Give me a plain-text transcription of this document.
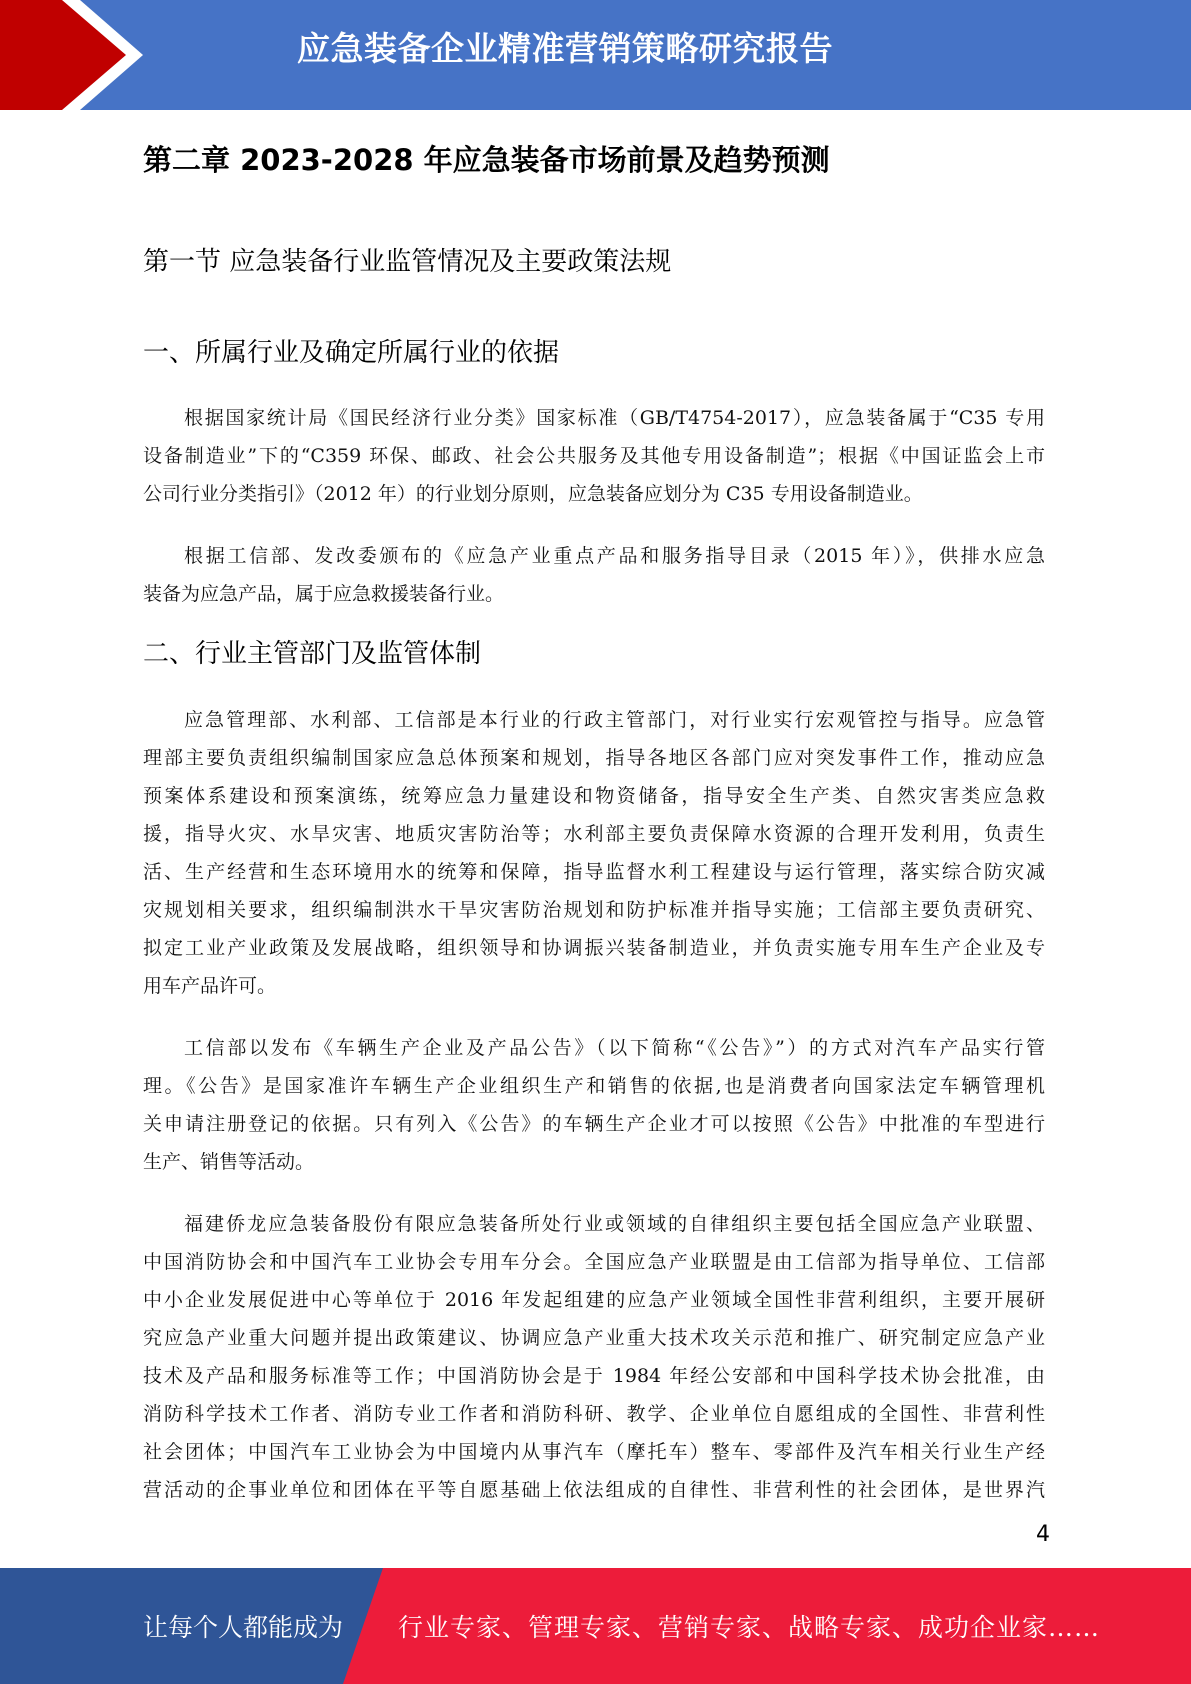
应急装备企业精准营销策略研究报告
第二章 2023-2028 年应急装备市场前景及趋势预测
第一节 应急装备行业监管情况及主要政策法规
一、所属行业及确定所属行业的依据
根据国家统计局《国民经济行业分类》国家标准（GB/T4754-2017），应急装备属于“C35 专用
设备制造业”下的“C359 环保、邮政、社会公共服务及其他专用设备制造”；根据《中国证监会上市
公司行业分类指引》（2012 年）的行业划分原则，应急装备应划分为 C35 专用设备制造业。
根据工信部、发改委颁布的《应急产业重点产品和服务指导目录（2015 年）》，供排水应急
装备为应急产品，属于应急救援装备行业。
二、行业主管部门及监管体制
应急管理部、水利部、工信部是本行业的行政主管部门，对行业实行宏观管控与指导。应急管
理部主要负责组织编制国家应急总体预案和规划，指导各地区各部门应对突发事件工作，推动应急
预案体系建设和预案演练，统筹应急力量建设和物资储备，指导安全生产类、自然灾害类应急救
援，指导火灾、水旱灾害、地质灾害防治等；水利部主要负责保障水资源的合理开发利用，负责生
活、生产经营和生态环境用水的统筹和保障，指导监督水利工程建设与运行管理，落实综合防灾减
灾规划相关要求，组织编制洪水干旱灾害防治规划和防护标准并指导实施；工信部主要负责研究、
拟定工业产业政策及发展战略，组织领导和协调振兴装备制造业，并负责实施专用车生产企业及专
用车产品许可。
工信部以发布《车辆生产企业及产品公告》（以下简称“《公告》”）的方式对汽车产品实行管
理。《公告》是国家准许车辆生产企业组织生产和销售的依据,也是消费者向国家法定车辆管理机
关申请注册登记的依据。只有列入《公告》的车辆生产企业才可以按照《公告》中批准的车型进行
生产、销售等活动。
福建侨龙应急装备股份有限应急装备所处行业或领域的自律组织主要包括全国应急产业联盟、
中国消防协会和中国汽车工业协会专用车分会。全国应急产业联盟是由工信部为指导单位、工信部
中小企业发展促进中心等单位于 2016 年发起组建的应急产业领域全国性非营利组织，主要开展研
究应急产业重大问题并提出政策建议、协调应急产业重大技术攻关示范和推广、研究制定应急产业
技术及产品和服务标准等工作；中国消防协会是于 1984 年经公安部和中国科学技术协会批准，由
消防科学技术工作者、消防专业工作者和消防科研、教学、企业单位自愿组成的全国性、非营利性
社会团体；中国汽车工业协会为中国境内从事汽车（摩托车）整车、零部件及汽车相关行业生产经
营活动的企事业单位和团体在平等自愿基础上依法组成的自律性、非营利性的社会团体，是世界汽
4
让每个人都能成为 行业专家、管理专家、营销专家、战略专家、成功企业家……
